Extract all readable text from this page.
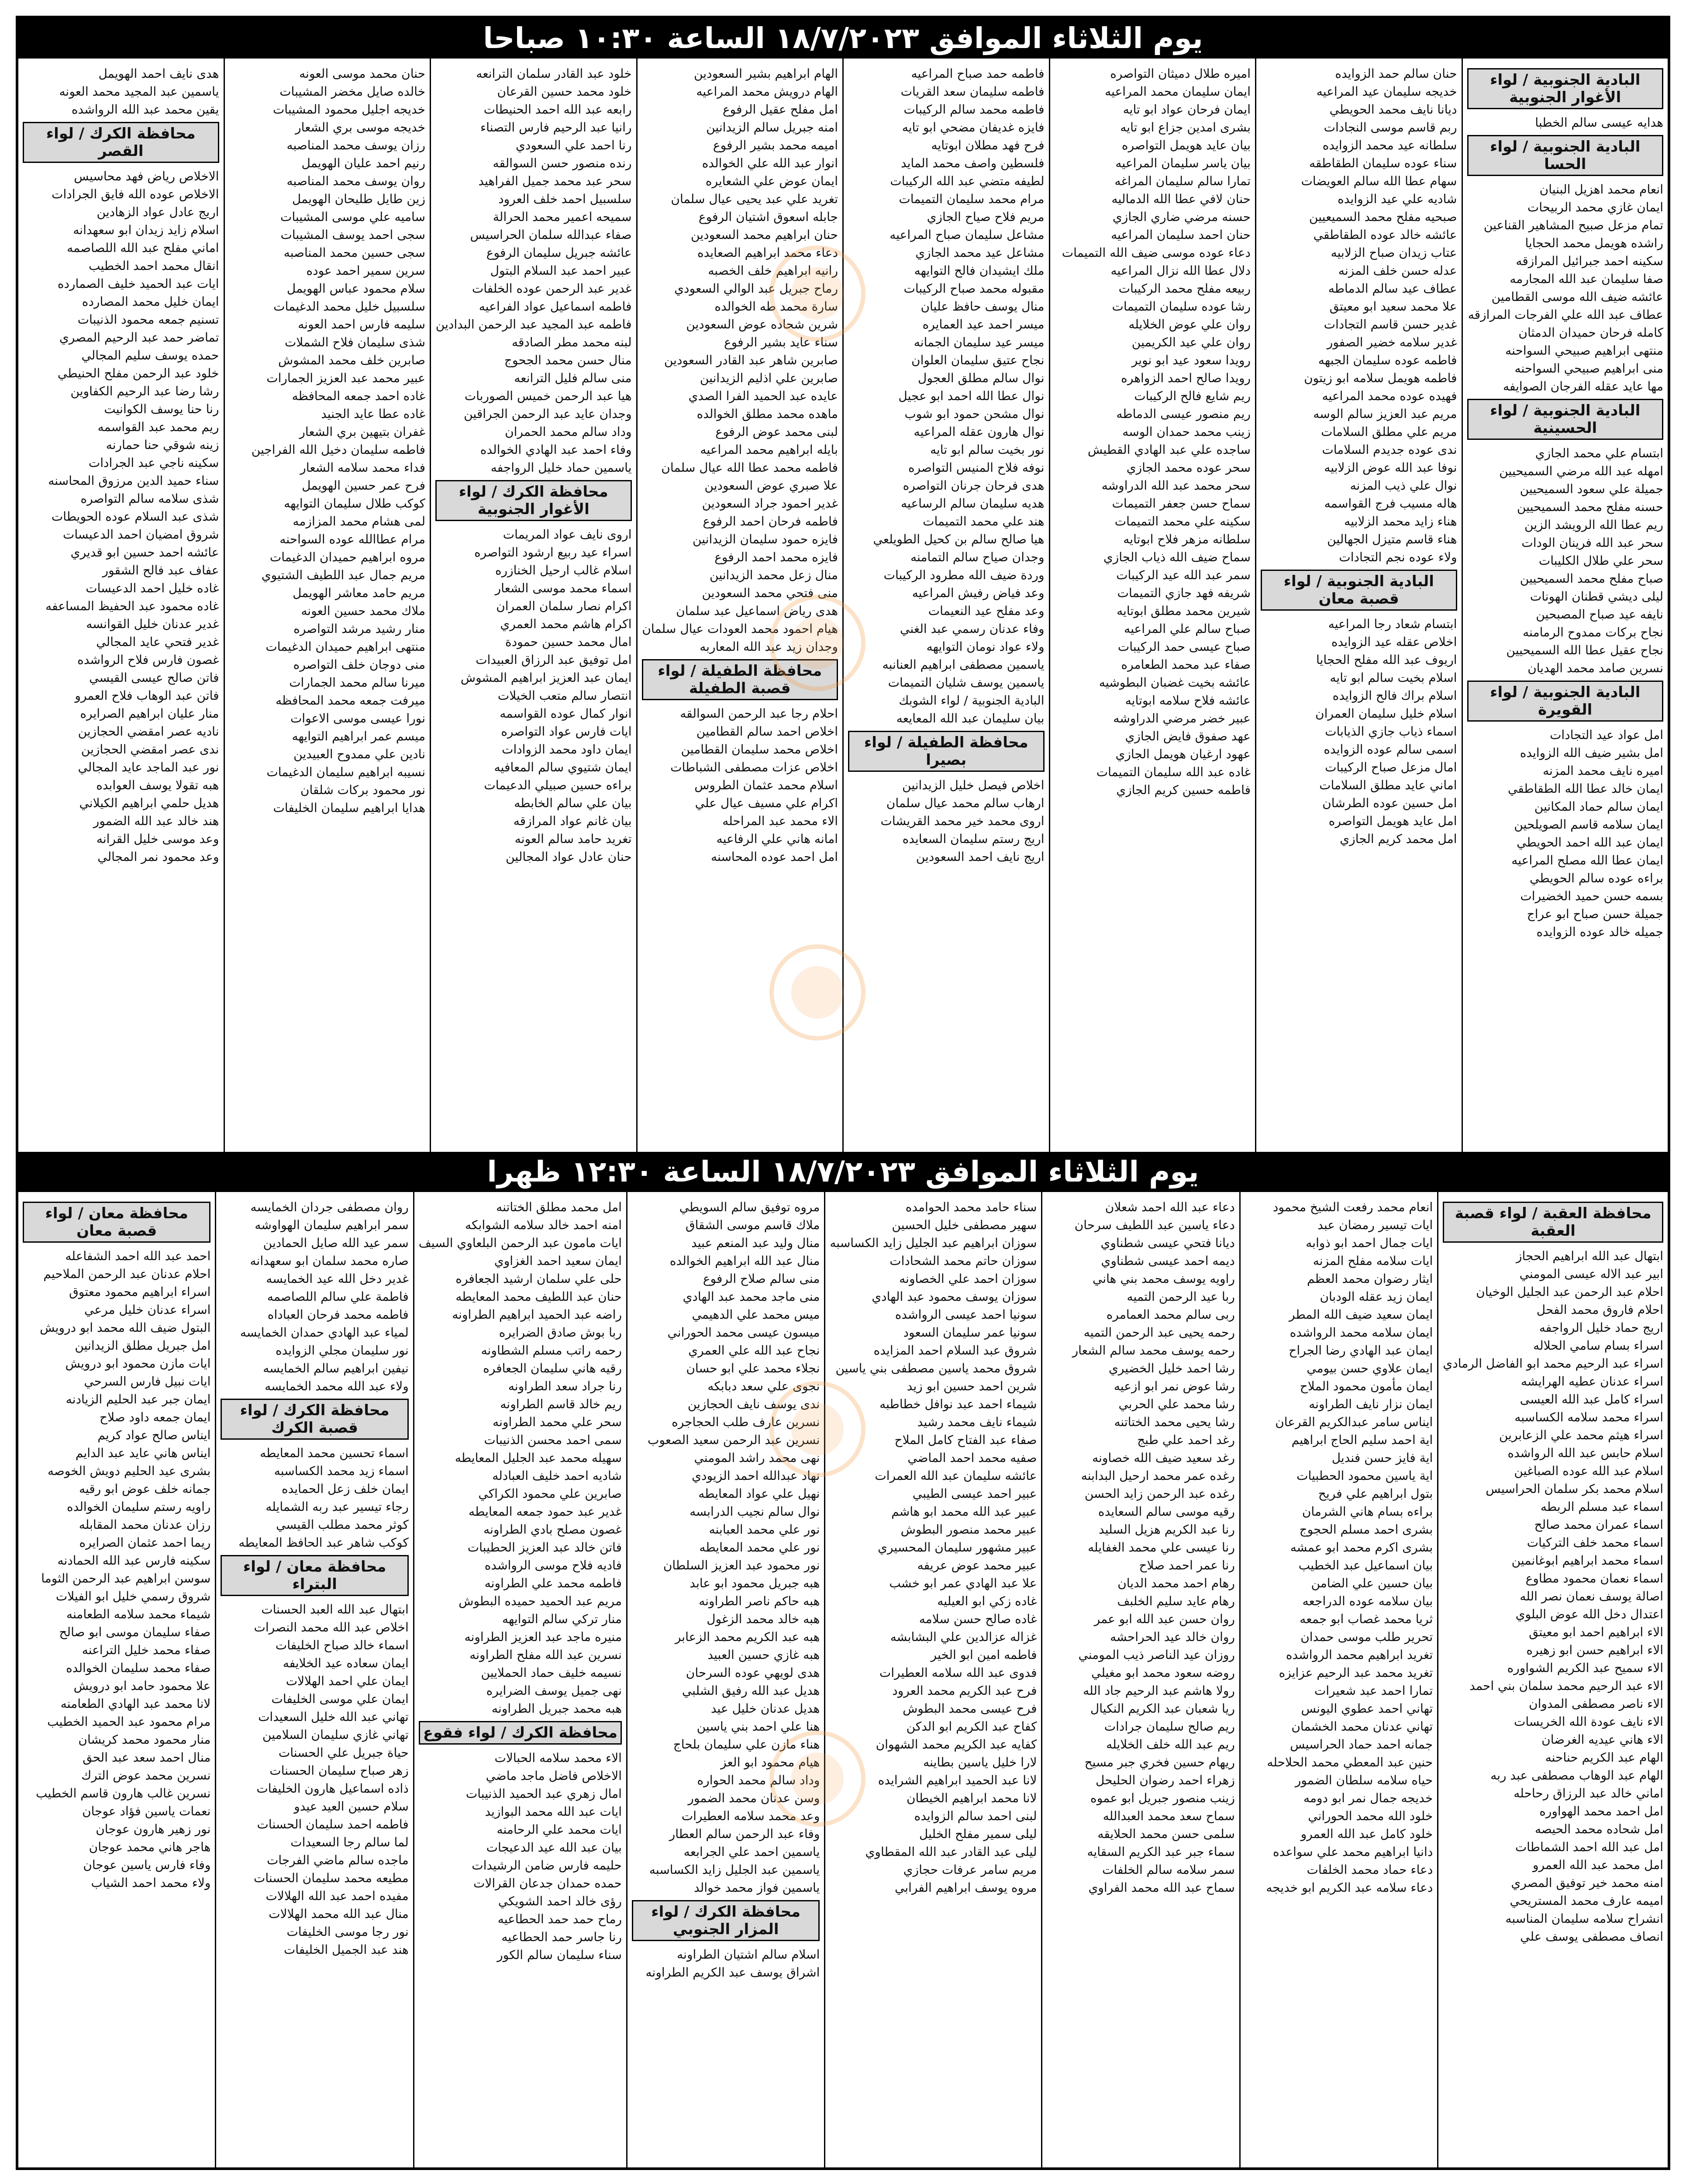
يوم الثلاثاء الموافق ١٨/٧/٢٠٢٣ الساعة ١٠:٣٠ صباحا
البادية الجنوبية / لواء الأغوار الجنوبية
هدايه عيسى سالم الخطبا
البادية الجنوبية / لواء الحسا
انعام محمد اهزيل البنيان
ايمان غازي محمد الربيحات
تمام مزعل صبيح المشاهير القناعين
راشده هويمل محمد الحجايا
سكينه احمد جبرائيل المرازقه
صفا سليمان عبد الله المجارمه
عائشه ضيف الله موسى القطامين
عطاف عبد الله علي الفرجات المرازقه
كامله فرحان حميدان الدمثان
منتهى ابراهيم صبيحي السواحنه
منى ابراهيم صبيحي السواحنه
مها عايد عقله الفرجان الصوايفه
البادية الجنوبية / لواء الحسينية
ابتسام علي محمد الجازي
امهله عبد الله مرضي السميحيين
جميلة علي سعود السميحيين
حسنه مفلح محمد السميحيين
ريم عطا الله الرويشد الزين
سحر عبد الله فرينان الودات
سحر علي طلال الكليبات
صباح مفلح محمد السميحيين
ليلى ديشي قطنان الهونات
نايفه عيد صباح المصبحين
نجاح بركات ممدوح الرمامنه
نجاح عقيل عطا الله السميحيين
نسرين صامد محمد الهديان
البادية الجنوبية / لواء القويرة
امل عواد عيد التجادات
امل بشير ضيف الله الزوايده
اميره نايف محمد المزنه
ايمان خالد عطا الله الطقاطقي
ايمان سالم حماد المكانين
ايمان سلامه قاسم الصويلحين
ايمان عبد الله احمد الحويطي
ايمان عطا الله مصلح المراعيه
براءه عوده سالم الحويطي
بسمه حسن حميد الخضيرات
جميلة حسن صباح ابو عراج
جميله خالد عوده الزوايده
حنان سالم حمد الزوايده
خديجه سليمان عيد المراعيه
ديانا نايف محمد الحويطي
ربم قاسم موسى النجادات
سلطانه عيد محمد الزوايده
سناء عوده سليمان الطقاطقه
سهام عطا الله سالم العويضات
شاديه علي عيد الزوايده
صبحيه مفلح محمد السميعيين
عائشه خالد عوده الطقاطقي
عتاب زيدان صباح الزلابيه
عدله حسن خلف المزنه
عطاف عيد سالم الدماطه
علا محمد سعيد ابو معيتق
غدير حسن قاسم التجادات
غدير سلامه خضير الصفور
فاطمه عوده سليمان الجبهه
فاطمه هويمل سلامه ابو زيتون
فهيده عوده محمد المراعيه
مريم عبد العزيز سالم الوسه
مريم علي مطلق السلامات
ندى عوده جديدم السلامات
نوفا عبد الله عوض الزلابيه
نوال علي ذيب المزنه
هاله مسيب فرج القواسمه
هناء زايد محمد الزلابيه
هناء قاسم متيزل الجهالين
ولاء عوده نجم التجادات
البادية الجنوبية / لواء قصبة معان
ابتسام شعاد رجا المراعيه
اخلاص عقله عيد الزوايده
اريوف عبد الله مفلح الحجايا
اسلام بخيت سالم ابو تايه
اسلام براك فالح الزوايده
اسلام خليل سليمان العمران
اسماء ذياب جازي الذيابات
اسمى سالم عوده الزوايده
امال مزعل صباح الركيبات
اماني عايد مطلق السلامات
امل حسين عوده الطرشان
امل عايد هويمل التواصره
امل محمد كريم الجازي
اميره طلال دميثان التواصره
ايمان سليمان محمد المراعيه
ايمان فرحان عواد ابو تايه
بشرى امدين جزاع ابو تايه
بيان عايد هويمل التواصره
بيان ياسر سليمان المراعيه
تمارا سالم سليمان المراغه
حنان لافي عطا الله الدماليه
حسنه مرضي ضاري الجازي
حنان احمد سليمان المراعيه
دعاء عوده موسى ضيف الله التميمات
دلال عطا الله نزال المراعيه
ربيعه مفلح محمد الركيبات
رشا عوده سليمان التميمات
روان علي عوض الخلايله
روان علي عيد الكريمين
رويدا سعود عيد ابو نوير
رويدا صالح احمد الزواهره
ريم شايع فالح الركيبات
ريم منصور عيسى الدماطه
زينب محمد حمدان الوسه
ساجده علي عبد الهادي القطيش
سحر عوده محمد الجازي
سحر محمد عبد الله الدراوشه
سماح حسن جعفر التميمات
سكينه علي محمد التميمات
سلطانه مزهر فلاح ابوتايه
سماح ضيف الله ذياب الجازي
سمر عبد الله عيد الركيبات
شريفه فهد جازي التميمات
شيرين محمد مطلق ابوتايه
صباح سالم علي المراعيه
صباح عيسى حمد الركيبات
صفاء عبد محمد الطعامره
عائشه بخيت غضبان البطوشيه
عائشه فلاح سلامه ابوتايه
عبير خضر مرضي الدراوشه
عهد صفوق فايض الجازي
عهود ارغيان هويمل الجازي
غاده عبد الله سليمان التميمات
فاطمه حسين كريم الجازي
فاطمه حمد صباح المراعيه
فاطمه سليمان سعد القريات
فاطمه محمد سالم الركيبات
فايزه غديفان مضحي ابو تايه
فرح فهد مطلان ابوتايه
فلسطين واصف محمد المايد
لطيفه متضي عبد الله الركيبات
مرام محمد سليمان التميمات
مريم فلاح صياح الجازي
مشاعل سليمان صباح المراعيه
مشاعل عيد محمد الجازي
ملك ايشيدان فالح التوايهه
مقبوله محمد صباح الركيبات
منال يوسف حافظ عليان
ميسر احمد عيد العمايره
ميسر عيد سليمان الجمانه
نجاح عتيق سليمان العلوان
نوال سالم مطلق العجول
نوال عطا الله احمد ابو عجيل
نوال مشحن حمود ابو شوب
نوال هارون عقله المراعيه
نور بخيت سالم ابو تايه
نوفه فلاح المنيس التواصره
هدى فرحان جرنان التواصره
هديه سليمان سالم الرساعيه
هند علي محمد التميمات
هيا صالح سالم بن كحيل الطويلعي
وجدان صياح سالم التمامنه
وردة ضيف الله مطرود الركيبات
وعد فياض رفيش المراعيه
وعد مفلح عيد النعيمات
وفاء عدنان رسمي عبد الغني
ولاء عواد نومان التوايهه
ياسمين مصطفى ابراهيم العنانبه
ياسمين يوسف شليان التميمات
البادية الجنوبية / لواء الشوبك
بيان سليمان عبد الله المعايعه
محافظة الطفيلة / لواء بصيرا
اخلاص فيصل خليل الزيدانين
ارهاب سالم محمد عيال سلمان
اروى محمد خير محمد القريشات
اريج رستم سليمان السعايده
اريج نايف احمد السعودين
الهام ابراهيم بشير السعودين
الهام درويش محمد المراعيه
امل مفلح عقيل الرفوع
امنه جبريل سالم الزيدانين
اميمه محمد بشير الرفوع
انوار عبد الله علي الخوالده
ايمان عوض علي الشعايره
تغريد علي عبد يحيى عيال سلمان
جابله اسعوق اشتيان الرفوع
حنان ابراهيم محمد السعودين
دعاء محمد ابراهيم الصعايده
رانيه ابراهيم خلف الخصبه
رماح جبريل عبد الوالي السعودي
سارة محمد طه الخوالده
شرين شحاده عوض السعودين
سناء عايد بشير الرفوع
صابرين شاهر عبد القادر السعودين
صابرين علي اذليم الزيدانين
عايده عبد الحميد الفرا الصدي
ماهده محمد مطلق الخوالده
لبنى محمد عوض الرفوع
بايله ابراهيم محمد المراعيه
فاطمه محمد عطا الله عيال سلمان
علا صبري عوض السعودين
غدير احمود جراد السعودين
فاطمه فرحان احمد الرفوع
فايزه حمود سليمان الزيدانين
فايزه محمد احمد الرفوع
منال زعل محمد الزيدانين
منى فتحي محمد السعودين
هدى رياض اسماعيل عبد سلمان
هيام احمود محمد العودات عيال سلمان
وجدان زيد عبد الله المعاربه
محافظة الطفيلة / لواء قصبة الطفيلة
احلام رجا عبد الرحمن السوالقه
اخلاص احمد سالم القطامين
اخلاص محمد سليمان القطامين
اخلاص عزات مصطفى الشباطات
اسلام محمد عثمان الطروس
اكرام علي مسيف عيال علي
الاء محمد عبد المراحله
امانه هاني علي الرفاعيه
امل احمد عوده المحاسنه
خلود عبد القادر سلمان الترانعه
خلود محمد حسين القرعان
رابعه عبد الله احمد الحنيطات
رانيا عبد الرحيم فارس التصناء
رنا احمد علي السعودي
رنده منصور حسن السوالقه
سحر عبد محمد جميل الفراهيد
سلسبيل احمد خلف العرود
سميحه اعمير محمد الحرالة
صفاء عبدالله سلمان الحراسيس
عائشه جبريل سليمان الرفوع
عبير احمد عبد السلام البتول
غدير عبد الرحمن عوده الخلفات
فاطمه اسماعيل عواد الفراعيه
فاطمه عبد المجيد عبد الرحمن البدادين
لبنه محمد مطر الصادقه
منال حسن محمد الجحوج
منى سالم فليل الترانعه
هيا عبد الرحمن خميس الصوربات
وجدان عايد عبد الرحمن الجراقين
وداد سالم محمد الحمران
وفاء احمد عبد الهادي الخوالده
ياسمين حماد خليل الرواجفه
محافظة الكرك / لواء الأغوار الجنوبية
اروى نايف عواد المريمات
اسراء عيد ربيع ارشود التواصره
اسلام غالب ارحيل الخنازره
اسماء محمد موسى الشعار
اكرام نصار سلمان العمران
اكرام هاشم محمد العمري
امال محمد حسين حمودة
امل توفيق عبد الرزاق العبيدات
ايمان عبد العزيز ابراهيم المشوش
انتصار سالم متعب الخيلات
انوار كمال عوده القواسمه
ايات فارس عواد التواصره
ايمان داود محمد الزوادات
ايمان شتيوي سالم المعافيه
براءه حسين صبيلي الدعيمات
بيان علي سالم الخابطه
بيان غانم عواد المرازقه
تغريد حامد سالم العونه
حنان عادل عواد المجالين
حنان محمد موسى العونه
خالده صايل مخضر المشيبات
خديجه اجليل محمود المشيبات
خديجه موسى بري الشعار
رزان يوسف محمد المناصبه
رنيم احمد عليان الهويمل
روان يوسف محمد المناصبه
زين طايل طليحان الهويمل
ساميه علي موسى المشيبات
سجى احمد يوسف المشيبات
سجى حسين محمد المناصبه
سرين سمير احمد عوده
سلام محمود عباس الهويمل
سلسبيل خليل محمد الدغيمات
سليمه فارس احمد العونه
شذى سليمان فلاح الشملات
صابرين خلف محمد المشوش
عبير محمد عبد العزيز الجمارات
غاده احمد جمعه المحافظه
غاده عطا عايد الجنيد
غفران بتيهين بري الشعار
فاطمه سليمان دخيل الله الفراجين
فداء محمد سلامه الشعار
فرح عمر حسين الهويمل
كوكب طلال سليمان التوايهه
لمى هشام محمد المزازمه
مرام عطاالله عوده السواحنه
مروه ابراهيم حميدان الدغيمات
مريم جمال عبد اللطيف الشتيوي
مريم حامد معاشر الهويمل
ملاك محمد حسين العونه
منار رشيد مرشد التواصره
منتهى ابراهيم حميدان الدغيمات
منى دوجان خلف التواصره
ميرنا سالم محمد الجمارات
ميرفت جمعه محمد المحافظه
نورا عيسى موسى الاعوات
ميسم عمر ابراهيم التوايهه
نادين علي ممدوح العبيدين
نسيبه ابراهيم سليمان الدغيمات
نور محمود بركات شلقان
هدايا ابراهيم سليمان الخليفات
هدى نايف احمد الهويمل
ياسمين عبد المجيد محمد العونه
يقين محمد عبد الله الرواشده
محافظة الكرك / لواء القصر
الاخلاص رياض فهد محاسيس
الاخلاص عوده الله فايق الجرادات
اريج عادل عواد الزهادين
اسلام زايد زيدان ابو سعهدانه
اماني مفلح عبد الله اللصاصمه
انقال محمد احمد الخطيب
ايات عبد الحميد خليف الصمارده
ايمان خليل محمد المصارده
تسنيم جمعه محمود الذنيبات
تماضر حمد عبد الرحيم المصري
حمده يوسف سليم المجالي
خلود عبد الرحمن مفلح الحنيطي
رشا رضا عبد الرحيم الكفاوين
رنا حنا يوسف الكوانيت
ريم محمد عبد القواسمه
زينه شوقي حنا حمارنه
سكينه ناجي عبد الجرادات
سناء حميد الدين مرزوق المحاسنه
شذى سلامه سالم التواصره
شذى عبد السلام عوده الحويطات
شروق امضيان احمد الدعيسات
عائشه احمد حسين ابو قديري
عفاف عبد فالح الشقور
غاده خليل احمد الدعيسات
غاده محمود عبد الحفيظ المساعفه
غدير عدنان خليل القوانسه
غدير فتحي عايد المجالي
غصون فارس فلاح الرواشده
فاتن صالح عيسى القيسي
فاتن عبد الوهاب فلاح العمرو
منار عليان ابراهيم الصرايره
ناديه عصر امقضي الحجازين
ندى عصر امقضي الحجازين
نور عبد الماجد عايد المجالي
هبه تقولا يوسف العوابده
هديل حلمي ابراهيم الكيلاني
هند خالد عبد الله الضمور
وعد موسى خليل القرانه
وعد محمود نمر المجالي
يوم الثلاثاء الموافق ١٨/٧/٢٠٢٣ الساعة ١٢:٣٠ ظهرا
محافظة العقبة / لواء قصبة العقبة
ابتهال عبد الله ابراهيم الحجاز
ابير عبد الاله عيسى المومني
احلام عبد الرحمن عبد الجليل الوخيان
احلام فاروق محمد الفحل
اريج حماد خليل الرواجفه
اسراء بسام سامي الحلاله
اسراء عبد الرحيم محمد ابو الفاضل الرمادي
اسراء عدنان عطيه الهرايشه
اسراء كامل عبد الله العيسى
اسراء محمد سلامه الكساسبه
اسراء هيثم محمد علي الزعابرين
اسلام حابس عبد الله الرواشده
اسلام عبد الله عوده الصباغين
اسلام محمد بكر سلمان الحراسيس
اسماء عبد مسلم الربطه
اسماء عمران محمد صالح
اسماء محمد خلف التركيات
اسماء محمد ابراهيم ابوغانمين
اسماء نعمان محمود مطاوع
اصالة يوسف نعمان نصر الله
اعتدال دخل الله عوض البلوي
الاء ابراهيم احمد ابو معيتق
الاء ابراهيم حسن ابو زهيره
الاء سميح عبد الكريم الشواوره
الاء عبد الرحيم محمد سلمان بني احمد
الاء ناصر مصطفى المدوان
الاء نايف عودة الله الخريسات
الاء هاني عيديه الغرضان
الهام عبد الكريم حناحنه
الهام عبد الوهاب مصطفى عبد ربه
اماني خالد عبد الرزاق رحاحله
امل احمد محمد الهواوره
امل شحاده محمد الحيصه
امل عبد الله احمد الشماطات
امل محمد عبد الله العمرو
امنه محمد خير توفيق المصري
اميمه عارف محمد المستريحي
انشراح سلامه سليمان المناسبه
انصاف مصطفى يوسف علي
انعام محمد رفعت الشيخ محمود
ايات تيسير رمضان عبد
ايات جمال احمد ابو ذوابه
ايات سلامه مفلح المزنه
ايثار رضوان محمد العظم
ايمان زيد عقله الودبان
ايمان سعيد ضيف الله المطر
ايمان سلامه محمد الرواشده
ايمان عبد الهادي رضا الجراح
ايمان علاوي حسن بيومي
ايمان مأمون محمود الملاح
ايمان نزار نايف الطراونه
ايناس سامر عبدالكريم القرعان
اية احمد سليم الحاج ابراهيم
اية فايز حسن فنديل
اية ياسين محمود الحطبيات
بتول ابراهيم علي فريح
براءه بسام هاني الشرمان
بشرى احمد مسلم الحجوج
بشرى اكرم محمد ابو عمشه
بيان اسماعيل عبد الخطيب
بيان حسين علي الضامن
بيان سلامه عوده الدراجعه
ثريا محمد غصاب ابو جمعه
تحرير طلب موسى حمدان
تغريد ابراهيم محمد الرواشده
تغريد محمد عبد الرحيم عزايزه
تمارا احمد عبد شعيرات
تهاني احمد عطوي اليونس
تهاني عدنان محمد الخشمان
جمانه احمد حماد الحراسيس
حنين عبد المعطي محمد الحلاحله
حياه سلامه سلطان الضمور
خديجه جمال نمر ابو دومه
خلود الله محمد الحوراني
خلود كامل عبد الله العمرو
دانيا ابراهيم محمد علي سواعده
دعاء حماد محمد الخلفات
دعاء سلامه عبد الكريم ابو خديجه
دعاء عبد الله احمد شعلان
دعاء ياسين عبد اللطيف سرحان
ديانا فتحي عيسى شطناوي
ديمه احمد عيسى شطناوي
راويه يوسف محمد بني هاني
ربا عيد الرحمن التميه
ربى سالم محمد العمامره
رحمه يحيى عبد الرحمن التميه
رحمه يوسف محمد سالم الشعار
رشا احمد خليل الخضيري
رشا عوض نمر ابو ازعيه
رشا محمد علي الحربي
رشا يحيى محمد الختاتنه
رغد احمد علي طبج
رغد سعيد ضيف الله خصاونه
رغده عمر محمد ارحيل البدابنه
رغده عبد الرحمن زايد الحسن
رقيه موسى سالم السعايده
رنا عبد الكريم هزيل السليد
رنا عيسى علي محمد الغفايله
رنا عمر احمد صلاح
رهام احمد محمد الديان
رهام عايد سليم الخلبف
روان حسن عبد الله ابو عمر
روان خالد عيد الحراحشه
روزان عيد الناصر ذيب المومني
روضه سعود محمد ابو مغيلي
رولا هاشم عبد الرحيم جاد الله
ريا شعبان عبد الكريم النكيال
ريم صالح سليمان جرادات
ريم عبد الله خلف الخلايله
ريهام حسين فخري جبر مسيح
زهراء احمد رضوان الحليحل
زينب منصور جبريل ابو عموه
سماح سعد محمد العبدالله
سلمى حسن محمد الحلايقه
سماء جبر عبد الكريم السقايه
سمر سلامه سالم الخلفات
سماح عبد الله محمد الفراوي
سناء حامد محمد الحوامده
سهير مصطفى خليل الحسين
سوزان ابراهيم عبد الجليل زايد الكساسبه
سوزان حاتم محمد الشحادات
سوزان احمد علي الخصاونه
سوزان يوسف محمود عبد الهادي
سونيا احمد عيسى الرواشده
سونيا عمر سليمان السعود
شروق عبد السلام احمد المزايده
شروق محمد ياسين مصطفى بني ياسين
شرين احمد حسين ابو زيد
شيماء احمد عبد نوافل خطاطبه
شيماء نايف محمد رشيد
صفاء عبد الفتاح كامل الملاح
صفيه محمد احمد الماضي
عائشه سليمان عبد الله العمرات
عبير احمد عيسى الطيبي
عبير عبد الله محمد ابو هاشم
عبير محمد منصور البطوش
عبير مشهور سليمان المحسيري
عبير محمد عوض عريفه
علا عبد الهادي عمر ابو خشب
غاده زكي ابو العيليه
غاده صالح حسن سلامه
غزاله عزالدين علي البشابشه
فاطمه امين ابو الخير
فدوى عبد الله سلامه العطيرات
فرح عبد الكريم محمد العرود
فرح عيسى محمد البطوش
كفاح عبد الكريم ابو الدكن
كفايه عبد الكريم محمد الشهوان
لارا خليل ياسين بطاينه
لانا عبد الحميد ابراهيم الشرايده
لانا محمد ابراهيم الخيطان
لبنى احمد سالم الزوايده
ليلى سمير مفلح الخليل
ليلى عبد القادر عبد الله المقطاوي
مريم سامر عرفات حجازي
مروه يوسف ابراهيم الفرابي
مروه توفيق سالم السويطي
ملاك قاسم موسى الشقاق
منال وليد عبد المنعم عبيد
منال عبد الله ابراهيم الخوالده
منى سالم صلاح الرفوع
منى ماجد محمد عبد الهادي
ميس محمد علي الدهيمي
ميسون عيسى محمد الحوراني
نجاح عبد الله علي العمري
نجلاء محمد علي ابو حسان
نجوى علي سعد دبابكه
ندى يوسف نايف الحجازين
نسرين عارف طلب الحجاجره
نسرين عبد الرحمن سعيد الصعوب
نهى محمد راشد المومني
نهاد عبدالله احمد الزيودي
نهيل علي عواد المعايطه
نوال سالم نجيب الدرابسه
نور علي محمد العبابنه
نور علي محمد المعايطه
نور محمود عبد العزيز السلطان
هبه جبريل محمود ابو عابد
هبه حاكم ناصر الطراونه
هبه خالد محمد الزغول
هبه عبد الكريم محمد الزعابر
هبه غازي حسين العبيد
هدى لويهي عوده السرحان
هديل عبد الله رفيق الشلبي
هديل عدنان خليل عيد
هنا علي احمد بني ياسين
هناء مازن علي سليمان بلحاج
هيام محمود ابو العز
وداد سالم محمد الحواره
وسن عدنان محمد الضمور
وعد محمد سلامه العطيرات
وفاء عبد الرحمن سالم العطار
ياسمين احمد علي الجرابعه
ياسمين عبد الجليل زايد الكساسبه
ياسمين فواز محمد خوالد
محافظة الكرك / لواء المزار الجنوبي
اسلام سالم اشتيان الطراونه
اشراق يوسف عبد الكريم الطراونه
امل محمد مطلق الختاتنه
امنه احمد خالد سلامه الشوابكه
ايات مامون عبد الرحمن البلعاوي السيف
ايمان سعيد احمد الغزاوي
حلى علي سلمان ارشيد الجعافره
حنان عبد اللطيف محمد المعايطه
راضه عبد الحميد ابراهيم الطراونه
ربا بوش صادق الضرايره
رحمه راتب مسلم الشطاونه
رقيه هاني سليمان الجعافره
رنا جراد سعد الطراونه
ريم خالد قاسم الطراونه
سحر علي محمد الطراونه
سمى احمد محسن الذنيبات
سهيله محمد عبد الجليل المعايطه
شاديه احمد خليف العبادله
صابرين علي محمود الكراكي
غدير عبد حمود جمعه المعايطه
غصون مصلح بادي الطراونه
فاتن خالد عبد العزيز الحطيبات
فاديه فلاح موسى الرواشده
فاطمه محمد علي الطراونه
مريم عبد الحميد حميده البطوش
منار تركي سالم التوايهه
منيره ماجد عبد العزيز الطراونه
نسرين عبد الله مفلح الطراونه
نسيمه خليف حماد الحملايين
نهى جميل يوسف الضرايره
هبه محمد جبريل الطراونه
محافظة الكرك / لواء فقوع
الاء محمد سلامه الحبالات
الاخلاص فاضل ماجد ماضي
امال زهري عبد الحميد الذنيبات
ايات عبد الله محمد البوازيد
ايات محمد علي الرحامنه
بيان عبد الله عيد الدعيجات
حليمه فارس ضامن الرشيدات
حمده حمدان جدعان القرالات
رؤى خالد احمد الشويكي
رماح حمد حمد الحطاعيه
رنا جاسر حمد الحطاعيه
سناء سليمان سالم الكور
روان مصطفى جردان الخمايسه
سمر ابراهيم سليمان الهواوشه
سمر عيد الله صايل الحمادين
صاره محمد سلمان ابو سعهدانه
غدير دخل الله عيد الخمايسه
فاطمة علي سالم اللصاصمه
فاطمه محمد فرحان العباداه
لمياء عبد الهادي حمدان الخمايسه
نور سليمان مجلي الزوايده
نيفين ابراهيم سالم الخمايسه
ولاء عبد الله محمد الخمايسه
محافظة الكرك / لواء قصبة الكرك
اسماء تحسين محمد المعايطه
اسماء زيد محمد الكساسبه
ايمان خلف زعل الحمايده
رجاء تيسير عبد ربه الشمايله
كوثر محمد مطلب القيسي
كوكب شاهر عبد الحافظ المعايطه
محافظة معان / لواء البتراء
ابتهال عبد الله العبد الحسنات
اخلاص عبد الله محمد النصرات
اسماء خالد صباح الخليفات
ايمان سعاده عيد الخلايفه
ايمان علي احمد الهلالات
ايمان علي موسى الخليفات
تهاني عبد الله خليل السعيدات
تهاني غازي سليمان السلامين
حياة جبريل علي الحسنات
زهر صباح سليمان الحسنات
ذاده اسماعيل هارون الخليفات
سلام حسين العيد عيدو
فاطمه احمد سليمان الحسنات
لما سالم رجا السعيدات
ماجده سالم ماضي الفرجات
مطيعه محمد سليمان الحسنات
مفيده احمد عبد الله الهلالات
منال عبد الله محمد الهلالات
نور رجا موسى الخليفات
هند عبد الجميل الخليفات
محافظة معان / لواء قصبة معان
احمد عبد الله احمد الشفاعله
احلام عدنان عبد الرحمن الملاحيم
اسراء ابراهيم محمود معتوق
اسراء عدنان خليل مرعي
البتول ضيف الله محمد ابو درويش
امل جبريل مطلق الزيدانين
ايات مازن محمود ابو درويش
ايات نبيل فارس السرحي
ايمان جبر عبد الحليم الزيادنه
ايمان جمعه داود صلاح
ايناس صالح عواد كريم
ايناس هاني عايد عبد الدايم
بشرى عيد الحليم دويش الخوصه
جمانه خلف عوض ابو رقيه
راويه رستم سليمان الخوالده
رزان عدنان محمد المقابله
ريما احمد عثمان الصرايره
سكينه فارس عبد الله الحمادنه
سوسن ابراهيم عبد الرحمن الثوما
شروق رسمي خليل ابو الفيلات
شيماء محمد سلامه الطعامنه
صفاء سليمان موسى ابو صالح
صفاء محمد خليل التراعنه
صفاء محمد سليمان الخوالده
علا محمود حامد ابو درويش
لانا محمد عبد الهادي الطعامنه
مرام محمود عبد الحميد الخطيب
منار محمود محمد كريشان
منال احمد سعد عبد الحق
نسرين محمد عوض الترك
نسرين غالب هارون قاسم الخطيب
نعمات ياسين فؤاد عوجان
نور زهير هارون عوجان
هاجر هاني محمد عوجان
وفاء فارس ياسين عوجان
ولاء محمد احمد الشياب
